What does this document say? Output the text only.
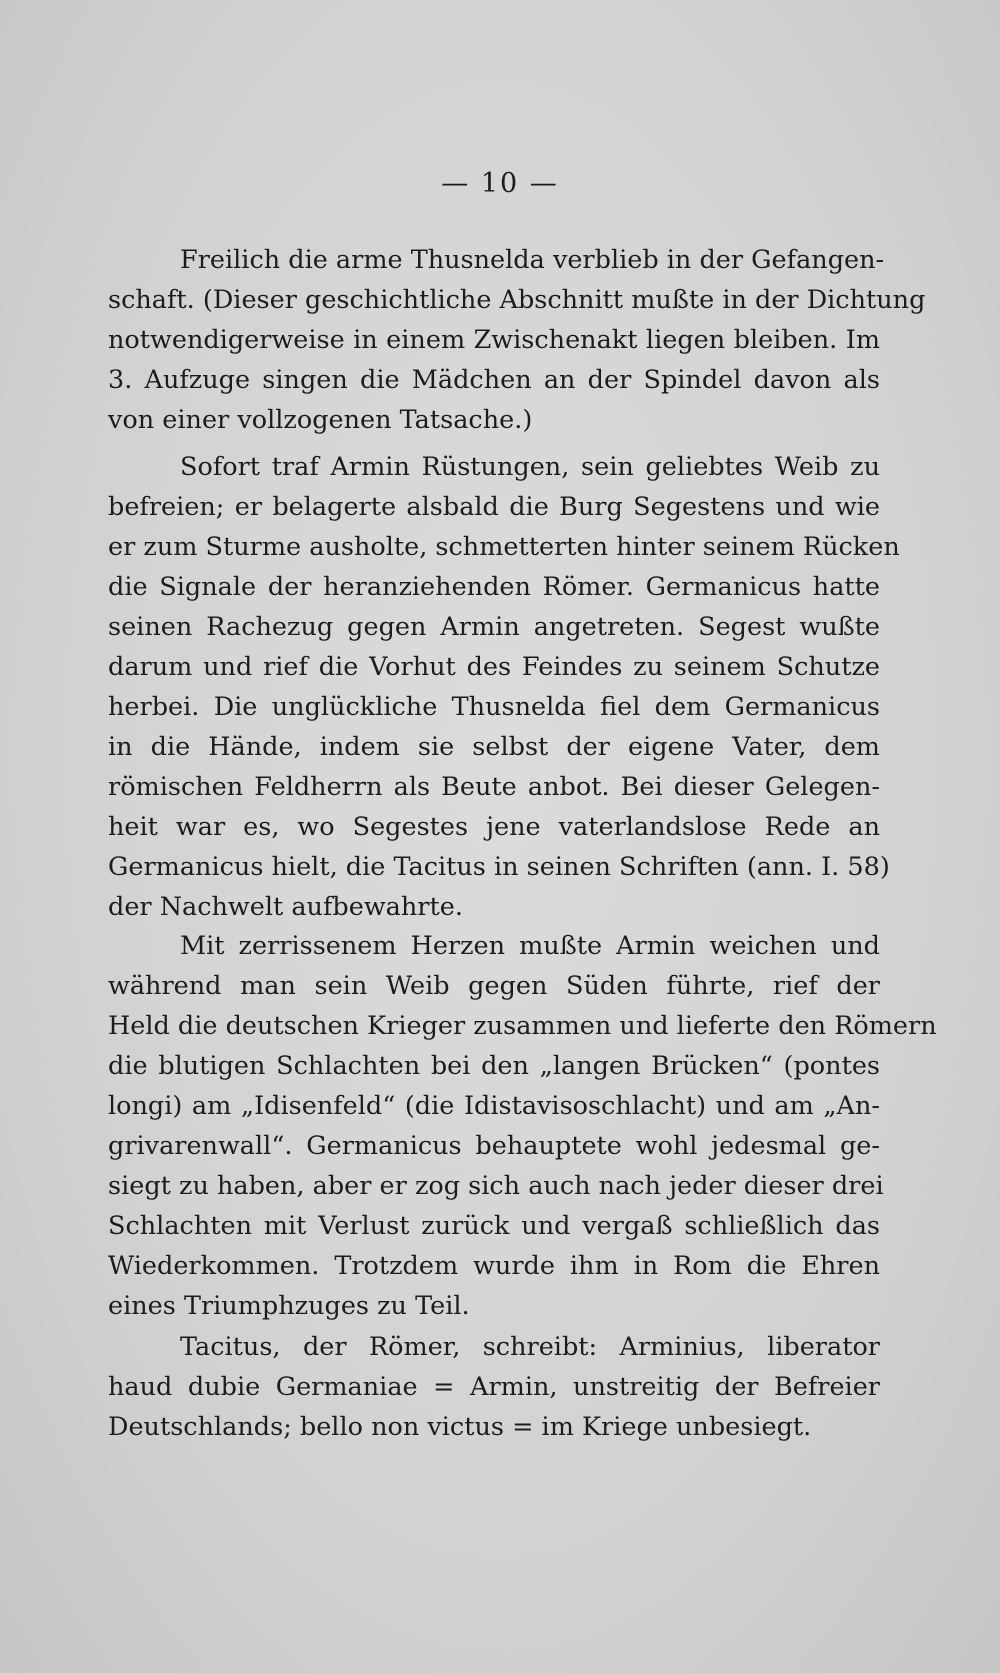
— 10 —
Freilich die arme Thusnelda verblieb in der Gefangen-
schaft. (Dieser geschichtliche Abschnitt mußte in der Dichtung
notwendigerweise in einem Zwischenakt liegen bleiben. Im
3. Aufzuge singen die Mädchen an der Spindel davon als
von einer vollzogenen Tatsache.)
Sofort traf Armin Rüstungen, sein geliebtes Weib zu
befreien; er belagerte alsbald die Burg Segestens und wie
er zum Sturme ausholte, schmetterten hinter seinem Rücken
die Signale der heranziehenden Römer. Germanicus hatte
seinen Rachezug gegen Armin angetreten. Segest wußte
darum und rief die Vorhut des Feindes zu seinem Schutze
herbei. Die unglückliche Thusnelda fiel dem Germanicus
in die Hände, indem sie selbst der eigene Vater, dem
römischen Feldherrn als Beute anbot. Bei dieser Gelegen-
heit war es, wo Segestes jene vaterlandslose Rede an
Germanicus hielt, die Tacitus in seinen Schriften (ann. I. 58)
der Nachwelt aufbewahrte.
Mit zerrissenem Herzen mußte Armin weichen und
während man sein Weib gegen Süden führte, rief der
Held die deutschen Krieger zusammen und lieferte den Römern
die blutigen Schlachten bei den „langen Brücken“ (pontes
longi) am „Idisenfeld“ (die Idistavisoschlacht) und am „An-
grivarenwall“. Germanicus behauptete wohl jedesmal ge-
siegt zu haben, aber er zog sich auch nach jeder dieser drei
Schlachten mit Verlust zurück und vergaß schließlich das
Wiederkommen. Trotzdem wurde ihm in Rom die Ehren
eines Triumphzuges zu Teil.
Tacitus, der Römer, schreibt: Arminius, liberator
haud dubie Germaniae = Armin, unstreitig der Befreier
Deutschlands; bello non victus = im Kriege unbesiegt.
